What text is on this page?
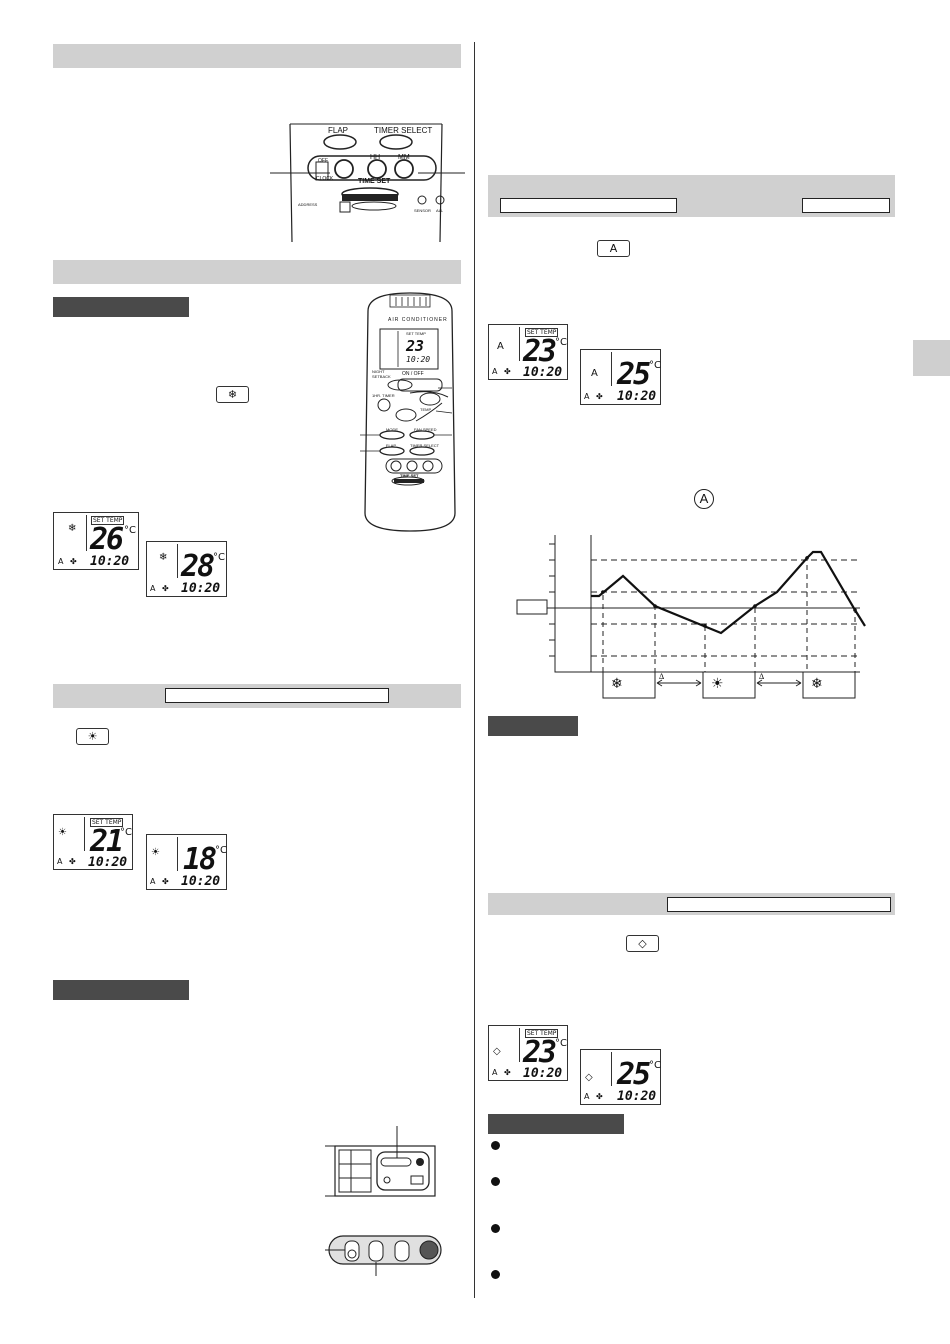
FLAP	TIMER SELECT
HH	MM
OFF
CLOCK	TIME SET
ADDRESS
SENSOR ALL
❄
AIR CONDITIONER
SET TEMP
23
10:20
NIGHT SETBACK	ON / OFF
1HR. TIMER
TEMP
MODE	FAN SPEED
FLAP	TIMER SELECT
TIME SET
SET TEMP
❄ 26 °C
A ✤ 10:20	❄ 28 °C
A ✤ 10:20
☀
SET TEMP
☀ 21
°C
A ✤ 10:20
☀ 18 °C
A ✤ 10:20
A
SET TEMP
A 23 °C
A ✤ 10:20	A 25 °C
A ✤ 10:20
A
Δ	Δ
❄	☀	❄
◇
SET TEMP
◇ 23 °C
A ✤ 10:20 ◇ 25 °C
A ✤ 10:20
